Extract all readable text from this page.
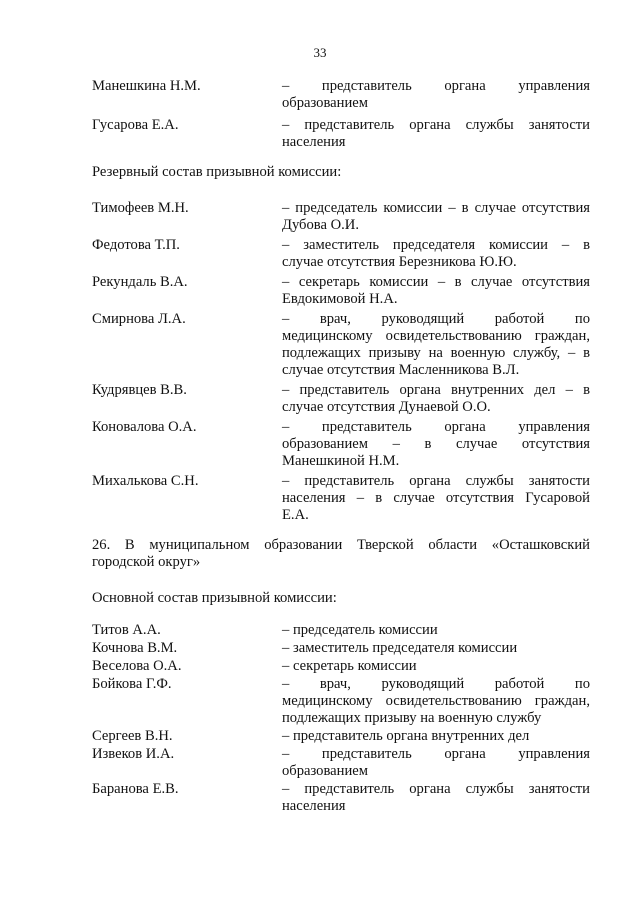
33
Манешкина Н.М.	– представитель органа управления
образованием
Гусарова Е.А.	– представитель органа службы занятости
населения
Резервный состав призывной комиссии:
Тимофеев М.Н.	– председатель комиссии – в случае отсутствия
Дубова О.И.
Федотова Т.П.	– заместитель председателя комиссии – в
случае отсутствия Березникова Ю.Ю.
Рекундаль В.А.	– секретарь комиссии – в случае отсутствия
Евдокимовой Н.А.
Смирнова Л.А.	– врач, руководящий работой по
медицинскому освидетельствованию граждан,
подлежащих призыву на военную службу, – в
случае отсутствия Масленникова В.Л.
Кудрявцев В.В.	– представитель органа внутренних дел – в
случае отсутствия Дунаевой О.О.
Коновалова О.А.	– представитель органа управления
образованием – в случае отсутствия
Манешкиной Н.М.
Михалькова С.Н.	– представитель органа службы занятости
населения – в случае отсутствия Гусаровой
Е.А.
26. В муниципальном образовании Тверской области «Осташковский
городской округ»
Основной состав призывной комиссии:
Титов А.А.	– председатель комиссии
Кочнова В.М.	– заместитель председателя комиссии
Веселова О.А.	– секретарь комиссии
Бойкова Г.Ф.	– врач, руководящий работой по
медицинскому освидетельствованию граждан,
подлежащих призыву на военную службу
Сергеев В.Н.	– представитель органа внутренних дел
Извеков И.А.	– представитель органа управления
образованием
Баранова Е.В.	– представитель органа службы занятости
населения
